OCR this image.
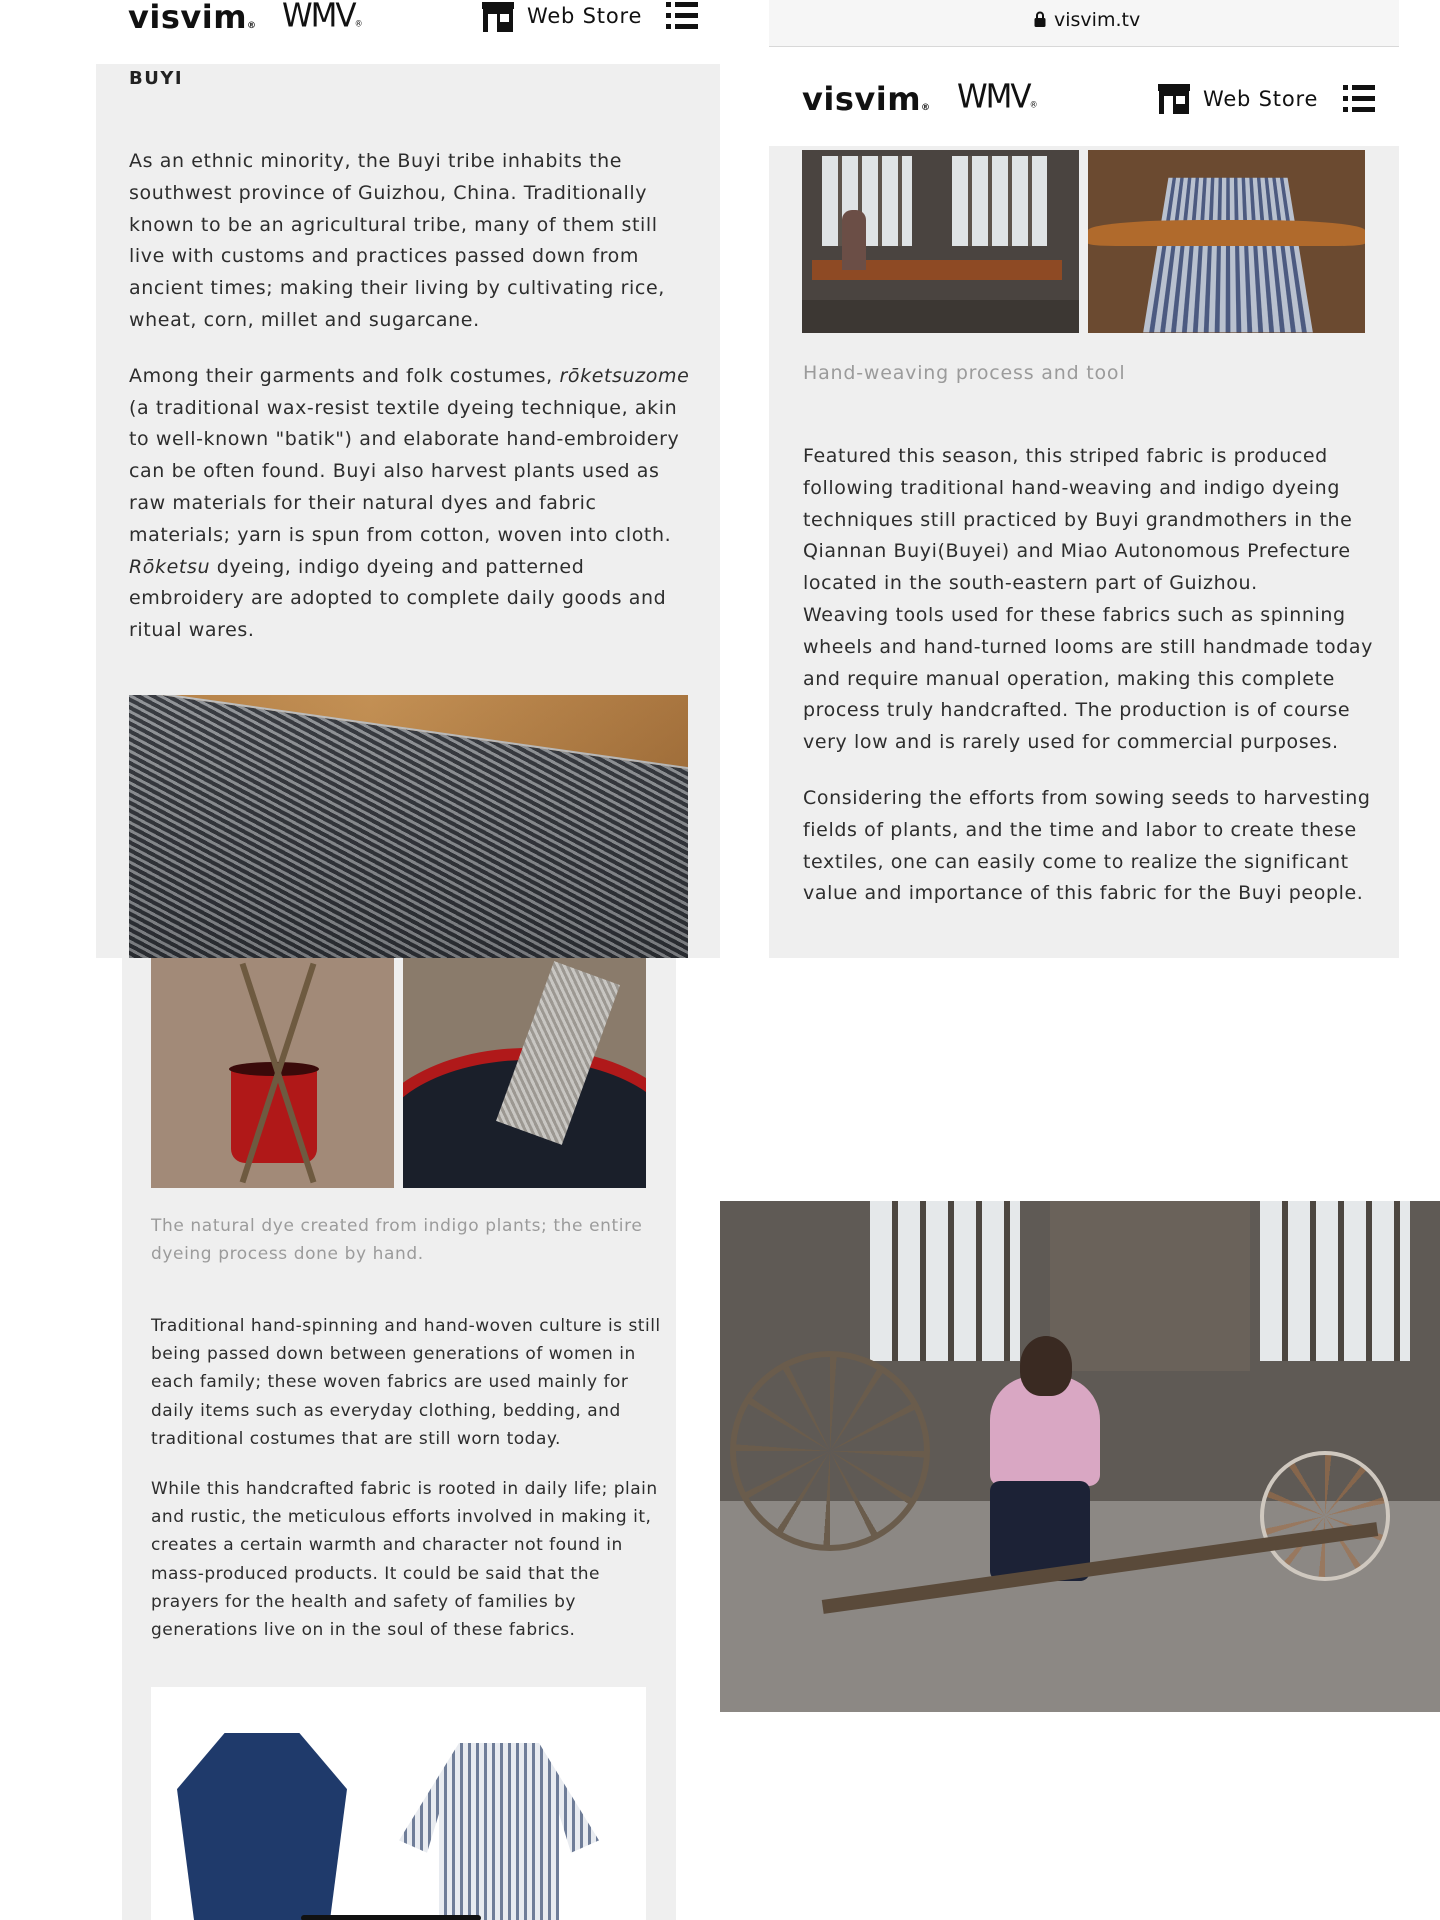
visvim® WMV®	Web Store
BUYI

As an ethnic minority, the Buyi tribe inhabits the southwest province of Guizhou, China. Traditionally known to be an agricultural tribe, many of them still live with customs and practices passed down from ancient times; making their living by cultivating rice, wheat, corn, millet and sugarcane.

Among their garments and folk costumes, rōketsuzome (a traditional wax-resist textile dyeing technique, akin to well-known "batik") and elaborate hand-embroidery can be often found. Buyi also harvest plants used as raw materials for their natural dyes and fabric materials; yarn is spun from cotton, woven into cloth. Rōketsu dyeing, indigo dyeing and patterned embroidery are adopted to complete daily goods and ritual wares.

visvim.tv
visvim® WMV®	Web Store
Hand-weaving process and tool

Featured this season, this striped fabric is produced following traditional hand-weaving and indigo dyeing techniques still practiced by Buyi grandmothers in the Qiannan Buyi(Buyei) and Miao Autonomous Prefecture located in the south-eastern part of Guizhou.

Weaving tools used for these fabrics such as spinning wheels and hand-turned looms are still handmade today and require manual operation, making this complete process truly handcrafted. The production is of course very low and is rarely used for commercial purposes.

Considering the efforts from sowing seeds to harvesting fields of plants, and the time and labor to create these textiles, one can easily come to realize the significant value and importance of this fabric for the Buyi people.

The natural dye created from indigo plants; the entire dyeing process done by hand.

Traditional hand-spinning and hand-woven culture is still being passed down between generations of women in each family; these woven fabrics are used mainly for daily items such as everyday clothing, bedding, and traditional costumes that are still worn today.

While this handcrafted fabric is rooted in daily life; plain and rustic, the meticulous efforts involved in making it, creates a certain warmth and character not found in mass-produced products. It could be said that the prayers for the health and safety of families by generations live on in the soul of these fabrics.
